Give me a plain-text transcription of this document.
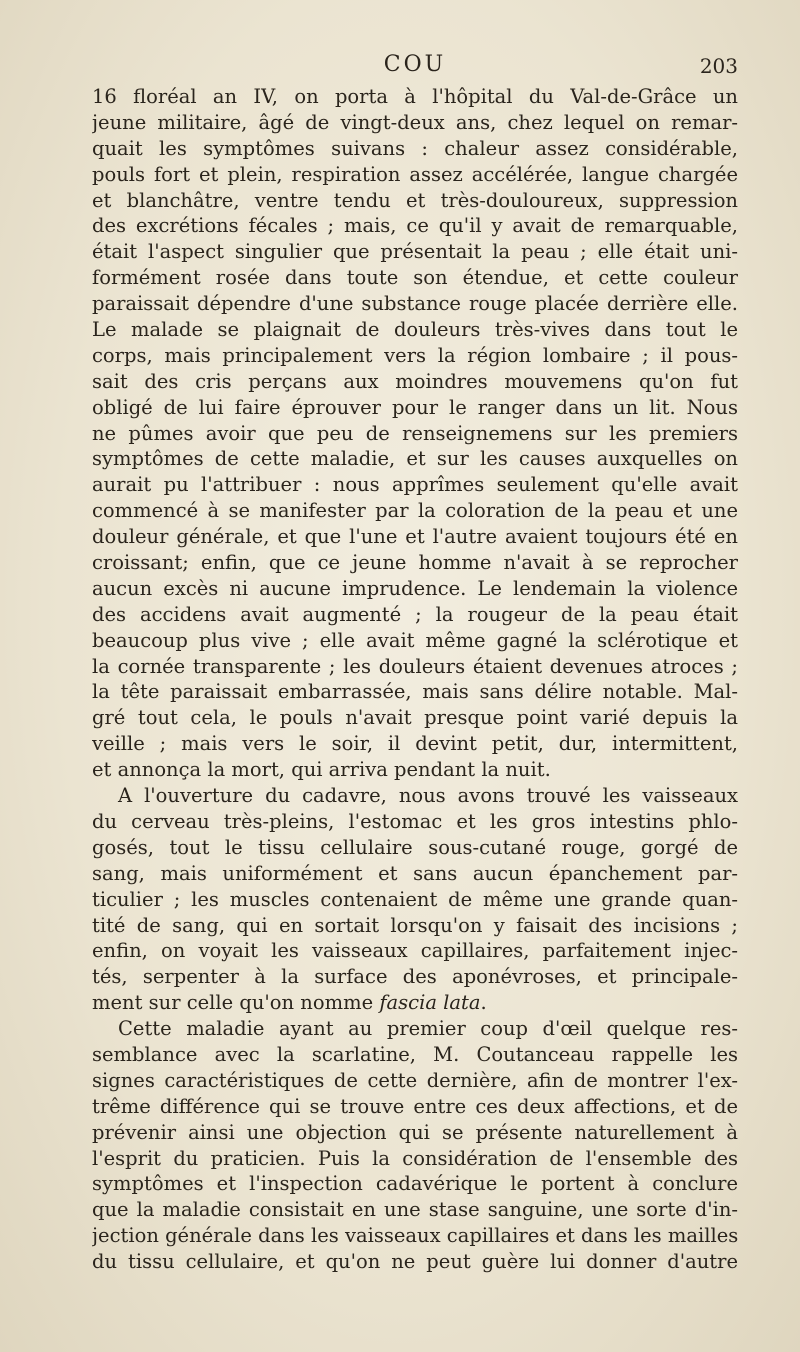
COU	203
16 floréal an IV, on porta à l'hôpital du Val-de-Grâce un
jeune militaire, âgé de vingt-deux ans, chez lequel on remar-
quait les symptômes suivans : chaleur assez considérable,
pouls fort et plein, respiration assez accélérée, langue chargée
et blanchâtre, ventre tendu et très-douloureux, suppression
des excrétions fécales ; mais, ce qu'il y avait de remarquable,
était l'aspect singulier que présentait la peau ; elle était uni-
formément rosée dans toute son étendue, et cette couleur
paraissait dépendre d'une substance rouge placée derrière elle.
Le malade se plaignait de douleurs très-vives dans tout le
corps, mais principalement vers la région lombaire ; il pous-
sait des cris perçans aux moindres mouvemens qu'on fut
obligé de lui faire éprouver pour le ranger dans un lit. Nous
ne pûmes avoir que peu de renseignemens sur les premiers
symptômes de cette maladie, et sur les causes auxquelles on
aurait pu l'attribuer : nous apprîmes seulement qu'elle avait
commencé à se manifester par la coloration de la peau et une
douleur générale, et que l'une et l'autre avaient toujours été en
croissant; enfin, que ce jeune homme n'avait à se reprocher
aucun excès ni aucune imprudence. Le lendemain la violence
des accidens avait augmenté ; la rougeur de la peau était
beaucoup plus vive ; elle avait même gagné la sclérotique et
la cornée transparente ; les douleurs étaient devenues atroces ;
la tête paraissait embarrassée, mais sans délire notable. Mal-
gré tout cela, le pouls n'avait presque point varié depuis la
veille ; mais vers le soir, il devint petit, dur, intermittent,
et annonça la mort, qui arriva pendant la nuit.
A l'ouverture du cadavre, nous avons trouvé les vaisseaux
du cerveau très-pleins, l'estomac et les gros intestins phlo-
gosés, tout le tissu cellulaire sous-cutané rouge, gorgé de
sang, mais uniformément et sans aucun épanchement par-
ticulier ; les muscles contenaient de même une grande quan-
tité de sang, qui en sortait lorsqu'on y faisait des incisions ;
enfin, on voyait les vaisseaux capillaires, parfaitement injec-
tés, serpenter à la surface des aponévroses, et principale-
ment sur celle qu'on nomme fascia lata.
Cette maladie ayant au premier coup d'œil quelque res-
semblance avec la scarlatine, M. Coutanceau rappelle les
signes caractéristiques de cette dernière, afin de montrer l'ex-
trême différence qui se trouve entre ces deux affections, et de
prévenir ainsi une objection qui se présente naturellement à
l'esprit du praticien. Puis la considération de l'ensemble des
symptômes et l'inspection cadavérique le portent à conclure
que la maladie consistait en une stase sanguine, une sorte d'in-
jection générale dans les vaisseaux capillaires et dans les mailles
du tissu cellulaire, et qu'on ne peut guère lui donner d'autre
